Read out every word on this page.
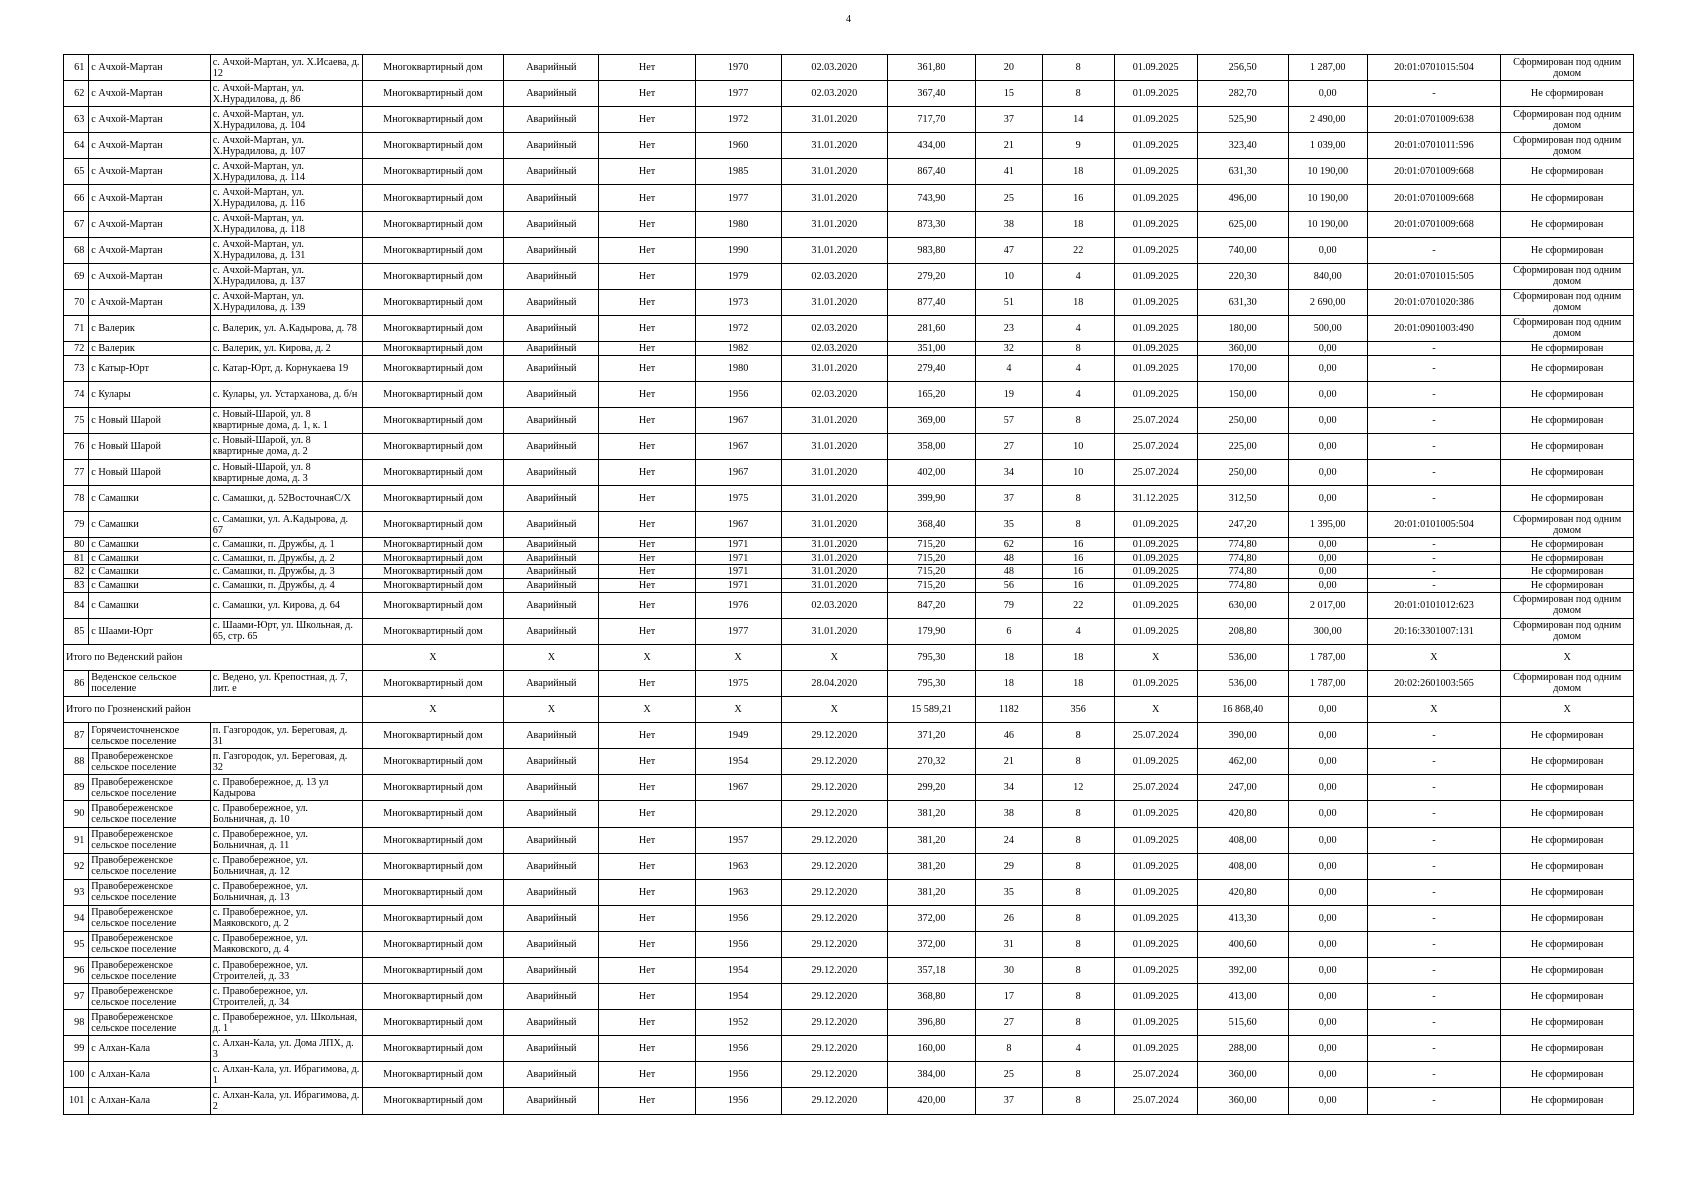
4
61	с Ачхой-Мартан	с. Ачхой-Мартан, ул. Х.Исаева, д. 12	Многоквартирный дом	Аварийный	Нет	1970	02.03.2020	361,80	20	8	01.09.2025	256,50	1 287,00	20:01:0701015:504	Сформирован под одним домом
62	с Ачхой-Мартан	с. Ачхой-Мартан, ул. Х.Нурадилова, д. 86	Многоквартирный дом	Аварийный	Нет	1977	02.03.2020	367,40	15	8	01.09.2025	282,70	0,00	-	Не сформирован
63	с Ачхой-Мартан	с. Ачхой-Мартан, ул. Х.Нурадилова, д. 104	Многоквартирный дом	Аварийный	Нет	1972	31.01.2020	717,70	37	14	01.09.2025	525,90	2 490,00	20:01:0701009:638	Сформирован под одним домом
64	с Ачхой-Мартан	с. Ачхой-Мартан, ул. Х.Нурадилова, д. 107	Многоквартирный дом	Аварийный	Нет	1960	31.01.2020	434,00	21	9	01.09.2025	323,40	1 039,00	20:01:0701011:596	Сформирован под одним домом
65	с Ачхой-Мартан	с. Ачхой-Мартан, ул. Х.Нурадилова, д. 114	Многоквартирный дом	Аварийный	Нет	1985	31.01.2020	867,40	41	18	01.09.2025	631,30	10 190,00	20:01:0701009:668	Не сформирован
66	с Ачхой-Мартан	с. Ачхой-Мартан, ул. Х.Нурадилова, д. 116	Многоквартирный дом	Аварийный	Нет	1977	31.01.2020	743,90	25	16	01.09.2025	496,00	10 190,00	20:01:0701009:668	Не сформирован
67	с Ачхой-Мартан	с. Ачхой-Мартан, ул. Х.Нурадилова, д. 118	Многоквартирный дом	Аварийный	Нет	1980	31.01.2020	873,30	38	18	01.09.2025	625,00	10 190,00	20:01:0701009:668	Не сформирован
68	с Ачхой-Мартан	с. Ачхой-Мартан, ул. Х.Нурадилова, д. 131	Многоквартирный дом	Аварийный	Нет	1990	31.01.2020	983,80	47	22	01.09.2025	740,00	0,00	-	Не сформирован
69	с Ачхой-Мартан	с. Ачхой-Мартан, ул. Х.Нурадилова, д. 137	Многоквартирный дом	Аварийный	Нет	1979	02.03.2020	279,20	10	4	01.09.2025	220,30	840,00	20:01:0701015:505	Сформирован под одним домом
70	с Ачхой-Мартан	с. Ачхой-Мартан, ул. Х.Нурадилова, д. 139	Многоквартирный дом	Аварийный	Нет	1973	31.01.2020	877,40	51	18	01.09.2025	631,30	2 690,00	20:01:0701020:386	Сформирован под одним домом
71	с Валерик	с. Валерик, ул. А.Кадырова, д. 78	Многоквартирный дом	Аварийный	Нет	1972	02.03.2020	281,60	23	4	01.09.2025	180,00	500,00	20:01:0901003:490	Сформирован под одним домом
72	с Валерик	с. Валерик, ул. Кирова, д. 2	Многоквартирный дом	Аварийный	Нет	1982	02.03.2020	351,00	32	8	01.09.2025	360,00	0,00	-	Не сформирован
73	с Катыр-Юрт	с. Катар-Юрт, д. Корнукаева 19	Многоквартирный дом	Аварийный	Нет	1980	31.01.2020	279,40	4	4	01.09.2025	170,00	0,00	-	Не сформирован
74	с Кулары	с. Кулары, ул. Устарханова, д. б/н	Многоквартирный дом	Аварийный	Нет	1956	02.03.2020	165,20	19	4	01.09.2025	150,00	0,00	-	Не сформирован
75	с Новый Шарой	с. Новый-Шарой, ул. 8 квартирные дома, д. 1, к. 1	Многоквартирный дом	Аварийный	Нет	1967	31.01.2020	369,00	57	8	25.07.2024	250,00	0,00	-	Не сформирован
76	с Новый Шарой	с. Новый-Шарой, ул. 8 квартирные дома, д. 2	Многоквартирный дом	Аварийный	Нет	1967	31.01.2020	358,00	27	10	25.07.2024	225,00	0,00	-	Не сформирован
77	с Новый Шарой	с. Новый-Шарой, ул. 8 квартирные дома, д. 3	Многоквартирный дом	Аварийный	Нет	1967	31.01.2020	402,00	34	10	25.07.2024	250,00	0,00	-	Не сформирован
78	с Самашки	с. Самашки, д. 52ВосточнаяС/Х	Многоквартирный дом	Аварийный	Нет	1975	31.01.2020	399,90	37	8	31.12.2025	312,50	0,00	-	Не сформирован
79	с Самашки	с. Самашки, ул. А.Кадырова, д. 67	Многоквартирный дом	Аварийный	Нет	1967	31.01.2020	368,40	35	8	01.09.2025	247,20	1 395,00	20:01:0101005:504	Сформирован под одним домом
80	с Самашки	с. Самашки, п. Дружбы, д. 1	Многоквартирный дом	Аварийный	Нет	1971	31.01.2020	715,20	62	16	01.09.2025	774,80	0,00	-	Не сформирован
81	с Самашки	с. Самашки, п. Дружбы, д. 2	Многоквартирный дом	Аварийный	Нет	1971	31.01.2020	715,20	48	16	01.09.2025	774,80	0,00	-	Не сформирован
82	с Самашки	с. Самашки, п. Дружбы, д. 3	Многоквартирный дом	Аварийный	Нет	1971	31.01.2020	715,20	48	16	01.09.2025	774,80	0,00	-	Не сформирован
83	с Самашки	с. Самашки, п. Дружбы, д. 4	Многоквартирный дом	Аварийный	Нет	1971	31.01.2020	715,20	56	16	01.09.2025	774,80	0,00	-	Не сформирован
84	с Самашки	с. Самашки, ул. Кирова, д. 64	Многоквартирный дом	Аварийный	Нет	1976	02.03.2020	847,20	79	22	01.09.2025	630,00	2 017,00	20:01:0101012:623	Сформирован под одним домом
85	с Шаами-Юрт	с. Шаами-Юрт, ул. Школьная, д. 65, стр. 65	Многоквартирный дом	Аварийный	Нет	1977	31.01.2020	179,90	6	4	01.09.2025	208,80	300,00	20:16:3301007:131	Сформирован под одним домом
Итого по Веденский район			X	X	X	X	X	795,30	18	18	X	536,00	1 787,00	X	X
86	Веденское сельское поселение	с. Ведено, ул. Крепостная, д. 7, лит. е	Многоквартирный дом	Аварийный	Нет	1975	28.04.2020	795,30	18	18	01.09.2025	536,00	1 787,00	20:02:2601003:565	Сформирован под одним домом
Итого по Грозненский район			X	X	X	X	X	15 589,21	1182	356	X	16 868,40	0,00	X	X
87	Горячеисточненское сельское поселение	п. Газгородок, ул. Береговая, д. 31	Многоквартирный дом	Аварийный	Нет	1949	29.12.2020	371,20	46	8	25.07.2024	390,00	0,00	-	Не сформирован
88	Правобереженское сельское поселение	п. Газгородок, ул. Береговая, д. 32	Многоквартирный дом	Аварийный	Нет	1954	29.12.2020	270,32	21	8	01.09.2025	462,00	0,00	-	Не сформирован
89	Правобереженское сельское поселение	с. Правобережное, д. 13 ул Кадырова	Многоквартирный дом	Аварийный	Нет	1967	29.12.2020	299,20	34	12	25.07.2024	247,00	0,00	-	Не сформирован
90	Правобереженское сельское поселение	с. Правобережное, ул. Больничная, д. 10	Многоквартирный дом	Аварийный	Нет		29.12.2020	381,20	38	8	01.09.2025	420,80	0,00	-	Не сформирован
91	Правобереженское сельское поселение	с. Правобережное, ул. Больничная, д. 11	Многоквартирный дом	Аварийный	Нет	1957	29.12.2020	381,20	24	8	01.09.2025	408,00	0,00	-	Не сформирован
92	Правобереженское сельское поселение	с. Правобережное, ул. Больничная, д. 12	Многоквартирный дом	Аварийный	Нет	1963	29.12.2020	381,20	29	8	01.09.2025	408,00	0,00	-	Не сформирован
93	Правобереженское сельское поселение	с. Правобережное, ул. Больничная, д. 13	Многоквартирный дом	Аварийный	Нет	1963	29.12.2020	381,20	35	8	01.09.2025	420,80	0,00	-	Не сформирован
94	Правобереженское сельское поселение	с. Правобережное, ул. Маяковского, д. 2	Многоквартирный дом	Аварийный	Нет	1956	29.12.2020	372,00	26	8	01.09.2025	413,30	0,00	-	Не сформирован
95	Правобереженское сельское поселение	с. Правобережное, ул. Маяковского, д. 4	Многоквартирный дом	Аварийный	Нет	1956	29.12.2020	372,00	31	8	01.09.2025	400,60	0,00	-	Не сформирован
96	Правобереженское сельское поселение	с. Правобережное, ул. Строителей, д. 33	Многоквартирный дом	Аварийный	Нет	1954	29.12.2020	357,18	30	8	01.09.2025	392,00	0,00	-	Не сформирован
97	Правобереженское сельское поселение	с. Правобережное, ул. Строителей, д. 34	Многоквартирный дом	Аварийный	Нет	1954	29.12.2020	368,80	17	8	01.09.2025	413,00	0,00	-	Не сформирован
98	Правобереженское сельское поселение	с. Правобережное, ул. Школьная, д. 1	Многоквартирный дом	Аварийный	Нет	1952	29.12.2020	396,80	27	8	01.09.2025	515,60	0,00	-	Не сформирован
99	с Алхан-Кала	с. Алхан-Кала, ул. Дома ЛПХ, д. 3	Многоквартирный дом	Аварийный	Нет	1956	29.12.2020	160,00	8	4	01.09.2025	288,00	0,00	-	Не сформирован
100	с Алхан-Кала	с. Алхан-Кала, ул. Ибрагимова, д. 1	Многоквартирный дом	Аварийный	Нет	1956	29.12.2020	384,00	25	8	25.07.2024	360,00	0,00	-	Не сформирован
101	с Алхан-Кала	с. Алхан-Кала, ул. Ибрагимова, д. 2	Многоквартирный дом	Аварийный	Нет	1956	29.12.2020	420,00	37	8	25.07.2024	360,00	0,00	-	Не сформирован
